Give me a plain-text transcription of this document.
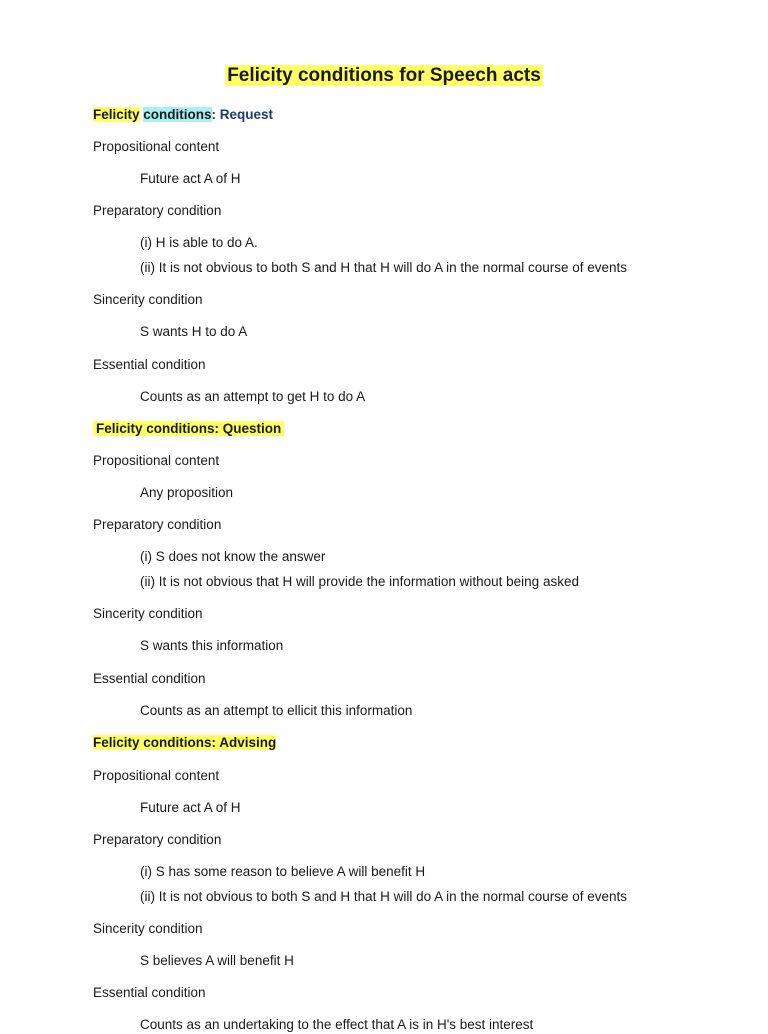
Felicity conditions for Speech acts
Felicity conditions: Request
Propositional content
Future act A of H
Preparatory condition
(i) H is able to do A.
(ii) It is not obvious to both S and H that H will do A in the normal course of events
Sincerity condition
S wants H to do A
Essential condition
Counts as an attempt to get H to do A
Felicity conditions: Question
Propositional content
Any proposition
Preparatory condition
(i) S does not know the answer
(ii) It is not obvious that H will provide the information without being asked
Sincerity condition
S wants this information
Essential condition
Counts as an attempt to ellicit this information
Felicity conditions: Advising
Propositional content
Future act A of H
Preparatory condition
(i) S has some reason to believe A will benefit H
(ii) It is not obvious to both S and H that H will do A in the normal course of events
Sincerity condition
S believes A will benefit H
Essential condition
Counts as an undertaking to the effect that A is in H's best interest
